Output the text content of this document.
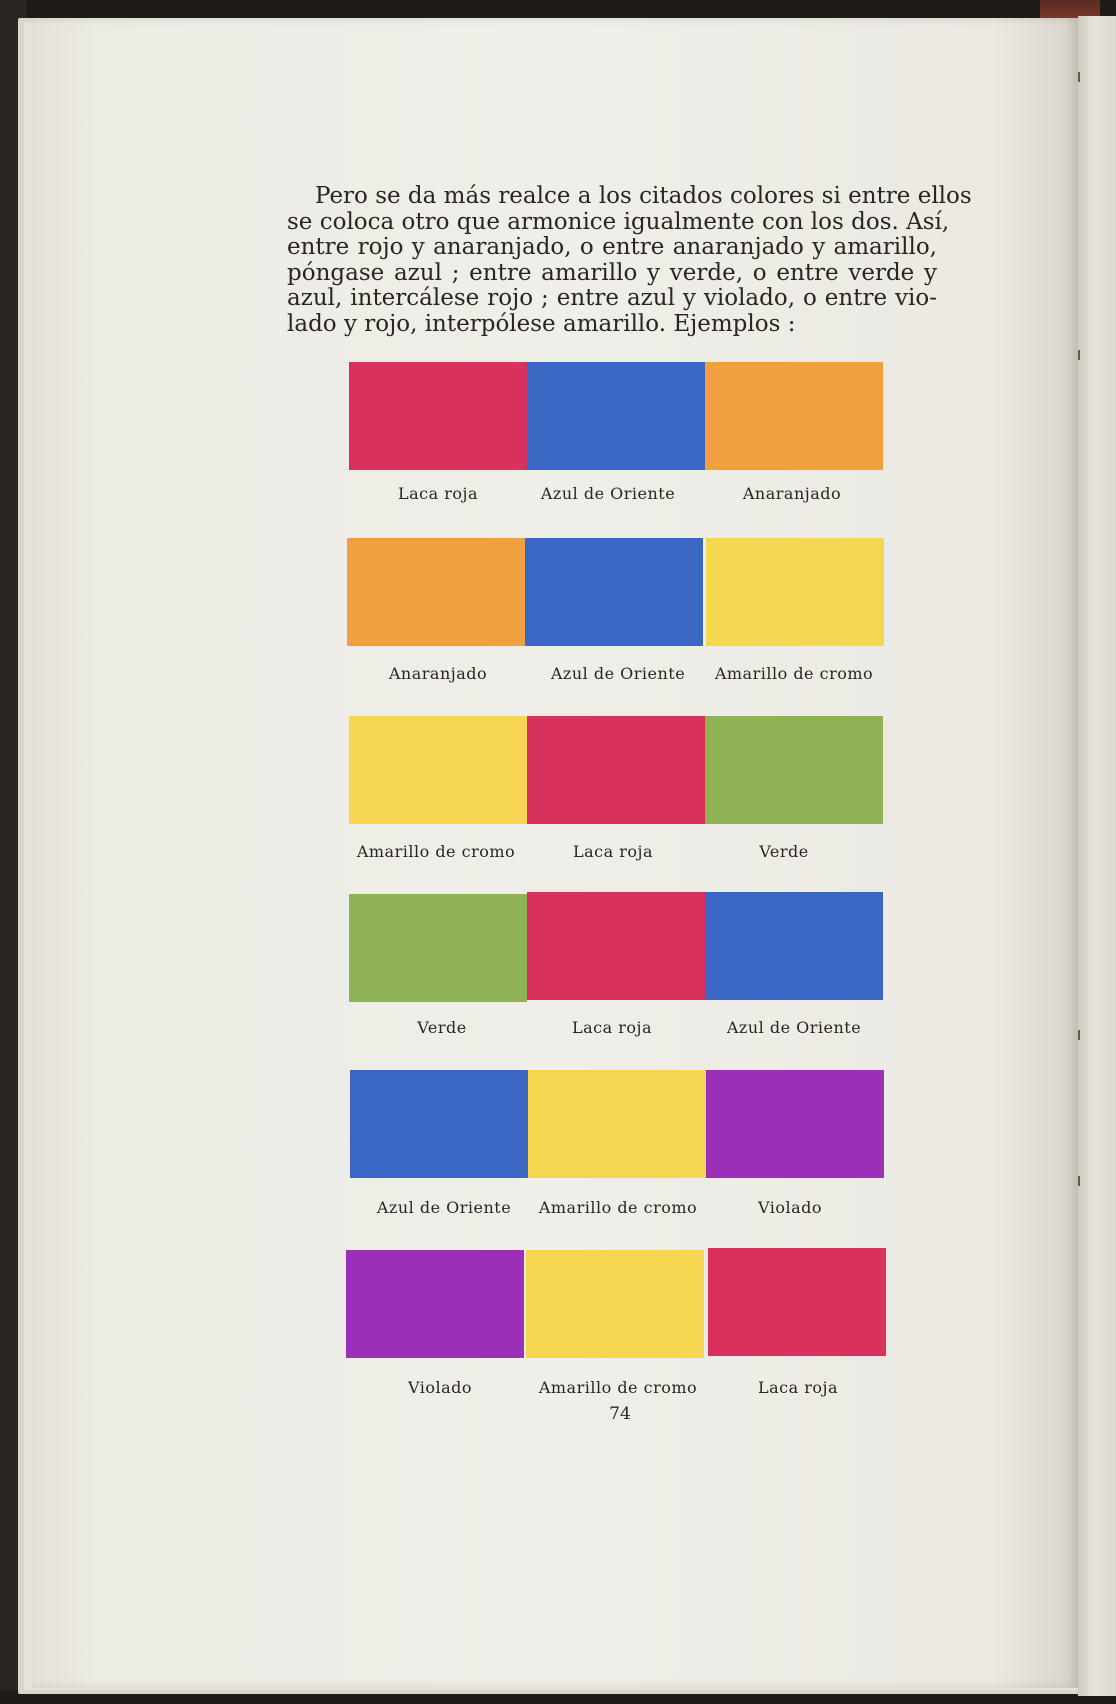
Pero se da más realce a los citados colores si entre ellos
se coloca otro que armonice igualmente con los dos. Así,
entre rojo y anaranjado, o entre anaranjado y amarillo,
póngase azul ; entre amarillo y verde, o entre verde y
azul, intercálese rojo ; entre azul y violado, o entre vio-
lado y rojo, interpólese amarillo. Ejemplos :

Laca roja	Azul de Oriente	Anaranjado
Anaranjado	Azul de Oriente	Amarillo de cromo
Amarillo de cromo	Laca roja	Verde
Verde	Laca roja	Azul de Oriente
Azul de Oriente	Amarillo de cromo	Violado
Violado	Amarillo de cromo	Laca roja
74
